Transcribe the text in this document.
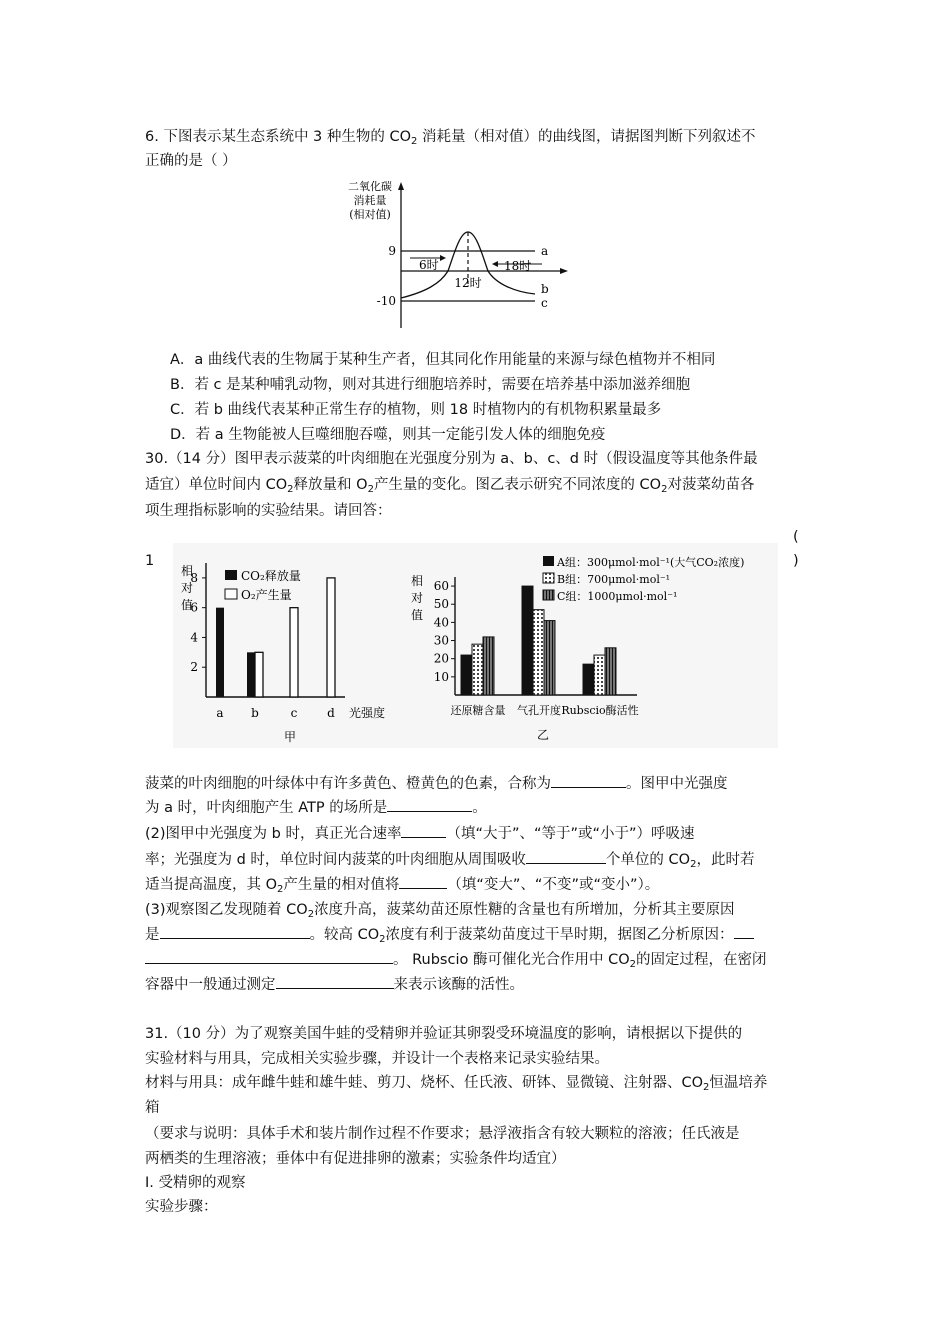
6. 下图表示某生态系统中 3 种生物的 $CO_2$ 消耗量（相对值）的曲线图，请据图判断下列叙述不
正确的是（ ）
二氧化碳
消耗量
(相对值)
9
-10
6时
12时
18时
a
b
c
A．a 曲线代表的生物属于某种生产者，但其同化作用能量的来源与绿色植物并不相同
B．若 c 是某种哺乳动物，则对其进行细胞培养时，需要在培养基中添加滋养细胞
C．若 b 曲线代表某种正常生存的植物，则 18 时植物内的有机物积累量最多
D．若 a 生物能被人巨噬细胞吞噬，则其一定能引发人体的细胞免疫
30.（14 分）图甲表示菠菜的叶肉细胞在光强度分别为 a、b、c、d 时（假设温度等其他条件最
适宜）单位时间内 $CO_2$释放量和 $O_2$产生量的变化。图乙表示研究不同浓度的 $CO_2$对菠菜幼苗各
项生理指标影响的实验结果。请回答：
(
1	)
相
对
值
2
4
6
8
a b	c d 光强度
甲
CO₂释放量
O₂产生量
相
对
值
10
20
30
40
50
60
还原糖含量 气孔开度 Rubscio酶活性
乙
A组：300μmol·mol⁻¹(大气CO₂浓度)
B组：700μmol·mol⁻¹
C组：1000μmol·mol⁻¹
菠菜的叶肉细胞的叶绿体中有许多黄色、橙黄色的色素，合称为	。图甲中光强度
为 a 时，叶肉细胞产生 ATP 的场所是	。
(2)图甲中光强度为 b 时，真正光合速率	（填“大于”、“等于”或“小于”）呼吸速
率；光强度为 d 时，单位时间内菠菜的叶肉细胞从周围吸收	个单位的 $CO_2$，此时若
适当提高温度，其 $O_2$产生量的相对值将	（填“变大”、“不变”或“变小”）。
(3)观察图乙发现随着 $CO_2$浓度升高，菠菜幼苗还原性糖的含量也有所增加，分析其主要原因
是	。较高 $CO_2$浓度有利于菠菜幼苗度过干旱时期，据图乙分析原因：
。 Rubscio 酶可催化光合作用中 $CO_2$的固定过程，在密闭
容器中一般通过测定	来表示该酶的活性。
31.（10 分）为了观察美国牛蛙的受精卵并验证其卵裂受环境温度的影响，请根据以下提供的
实验材料与用具，完成相关实验步骤，并设计一个表格来记录实验结果。
材料与用具：成年雌牛蛙和雄牛蛙、剪刀、烧杯、任氏液、研钵、显微镜、注射器、$CO_2$恒温培养
箱
（要求与说明：具体手术和装片制作过程不作要求；悬浮液指含有较大颗粒的溶液；任氏液是
两栖类的生理溶液；垂体中有促进排卵的激素；实验条件均适宜）
I. 受精卵的观察
实验步骤：
